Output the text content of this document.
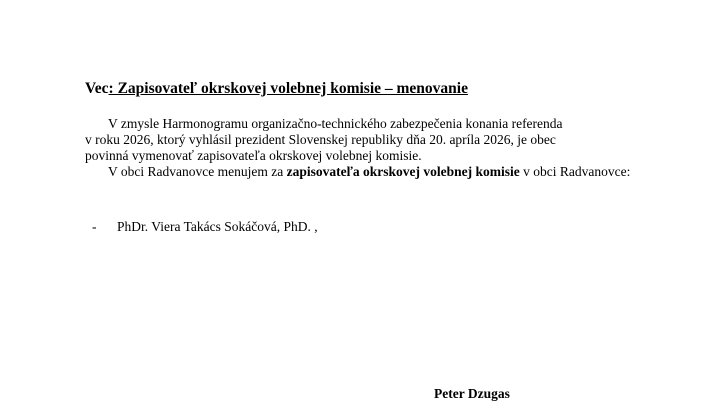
Vec: Zapisovateľ okrskovej volebnej komisie – menovanie
V zmysle Harmonogramu organizačno-technického zabezpečenia konania referenda
v roku 2026, ktorý vyhlásil prezident Slovenskej republiky dňa 20. apríla 2026, je obec
povinná vymenovať zapisovateľa okrskovej volebnej komisie.
V obci Radvanovce menujem za zapisovateľa okrskovej volebnej komisie v obci Radvanovce:
- PhDr. Viera Takács Sokáčová, PhD. ,
Peter Dzugas
